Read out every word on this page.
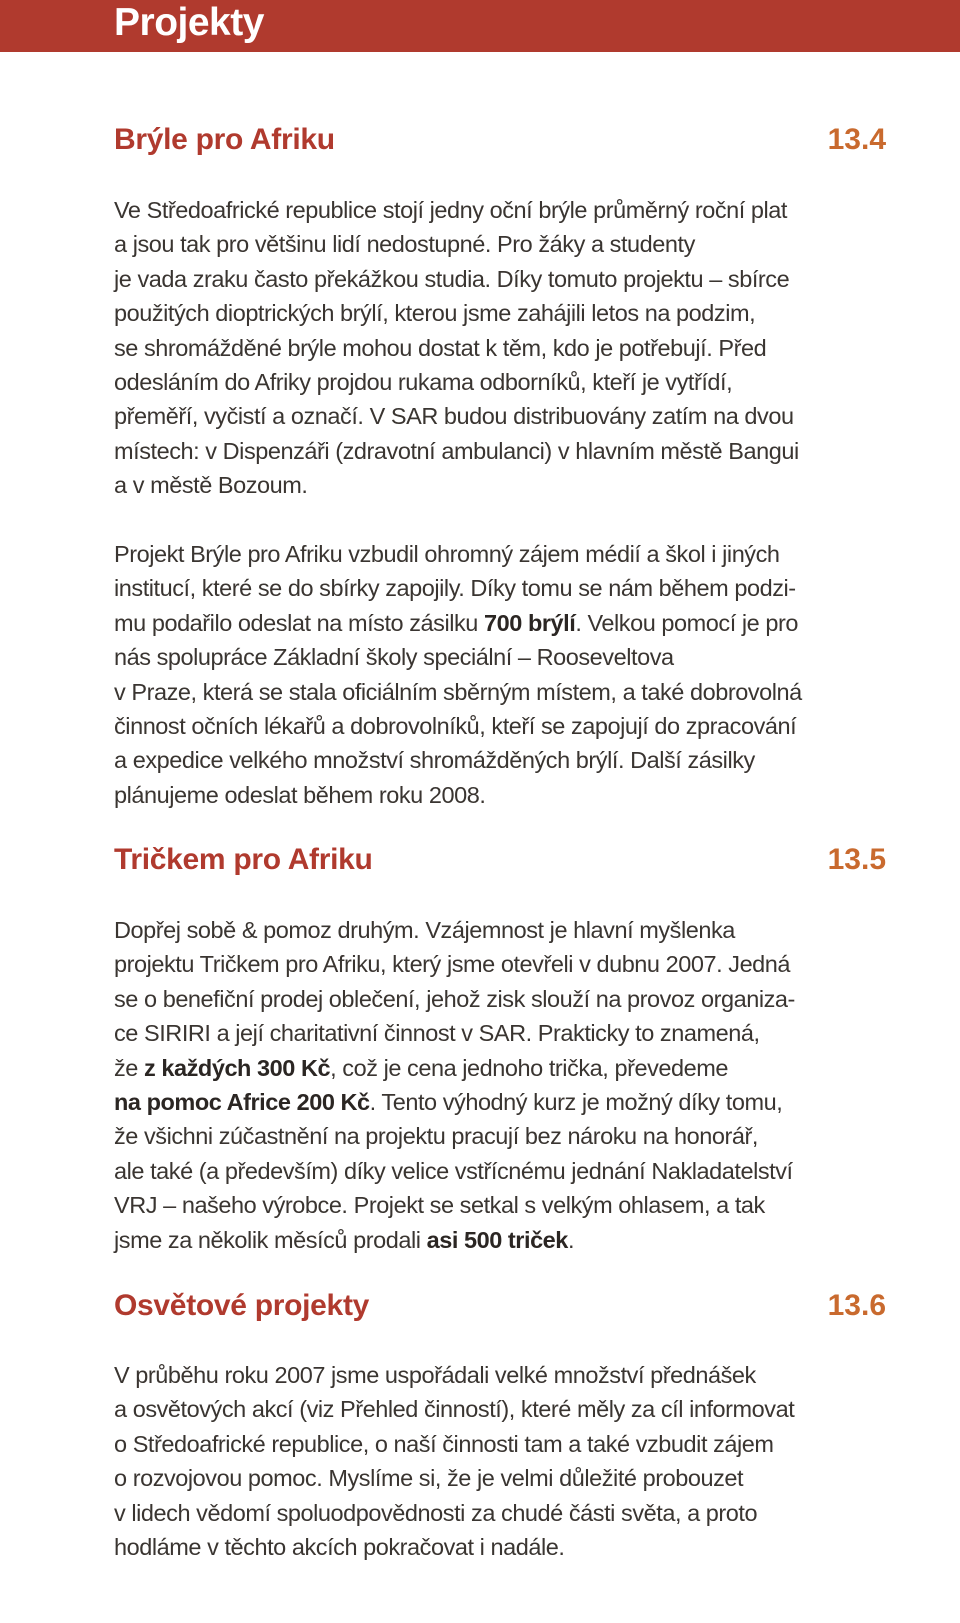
Projekty
Brýle pro Afriku	13.4
Ve Středoafrické republice stojí jedny oční brýle průměrný roční plat
a jsou tak pro většinu lidí nedostupné. Pro žáky a studenty
je vada zraku často překážkou studia. Díky tomuto projektu – sbírce
použitých dioptrických brýlí, kterou jsme zahájili letos na podzim,
se shromážděné brýle mohou dostat k těm, kdo je potřebují. Před
odesláním do Afriky projdou rukama odborníků, kteří je vytřídí,
přeměří, vyčistí a označí. V SAR budou distribuovány zatím na dvou
místech: v Dispenzáři (zdravotní ambulanci) v hlavním městě Bangui
a v městě Bozoum.
Projekt Brýle pro Afriku vzbudil ohromný zájem médií a škol i jiných
institucí, které se do sbírky zapojily. Díky tomu se nám během podzi-
mu podařilo odeslat na místo zásilku 700 brýlí. Velkou pomocí je pro
nás spolupráce Základní školy speciální – Rooseveltova
v Praze, která se stala oficiálním sběrným místem, a také dobrovolná
činnost očních lékařů a dobrovolníků, kteří se zapojují do zpracování
a expedice velkého množství shromážděných brýlí. Další zásilky
plánujeme odeslat během roku 2008.
Tričkem pro Afriku	13.5
Dopřej sobě & pomoz druhým. Vzájemnost je hlavní myšlenka
projektu Tričkem pro Afriku, který jsme otevřeli v dubnu 2007. Jedná
se o benefiční prodej oblečení, jehož zisk slouží na provoz organiza-
ce SIRIRI a její charitativní činnost v SAR. Prakticky to znamená,
že z každých 300 Kč, což je cena jednoho trička, převedeme
na pomoc Africe 200 Kč. Tento výhodný kurz je možný díky tomu,
že všichni zúčastnění na projektu pracují bez nároku na honorář,
ale také (a především) díky velice vstřícnému jednání Nakladatelství
VRJ – našeho výrobce. Projekt se setkal s velkým ohlasem, a tak
jsme za několik měsíců prodali asi 500 triček.
Osvětové projekty	13.6
V průběhu roku 2007 jsme uspořádali velké množství přednášek
a osvětových akcí (viz Přehled činností), které měly za cíl informovat
o Středoafrické republice, o naší činnosti tam a také vzbudit zájem
o rozvojovou pomoc. Myslíme si, že je velmi důležité probouzet
v lidech vědomí spoluodpovědnosti za chudé části světa, a proto
hodláme v těchto akcích pokračovat i nadále.
